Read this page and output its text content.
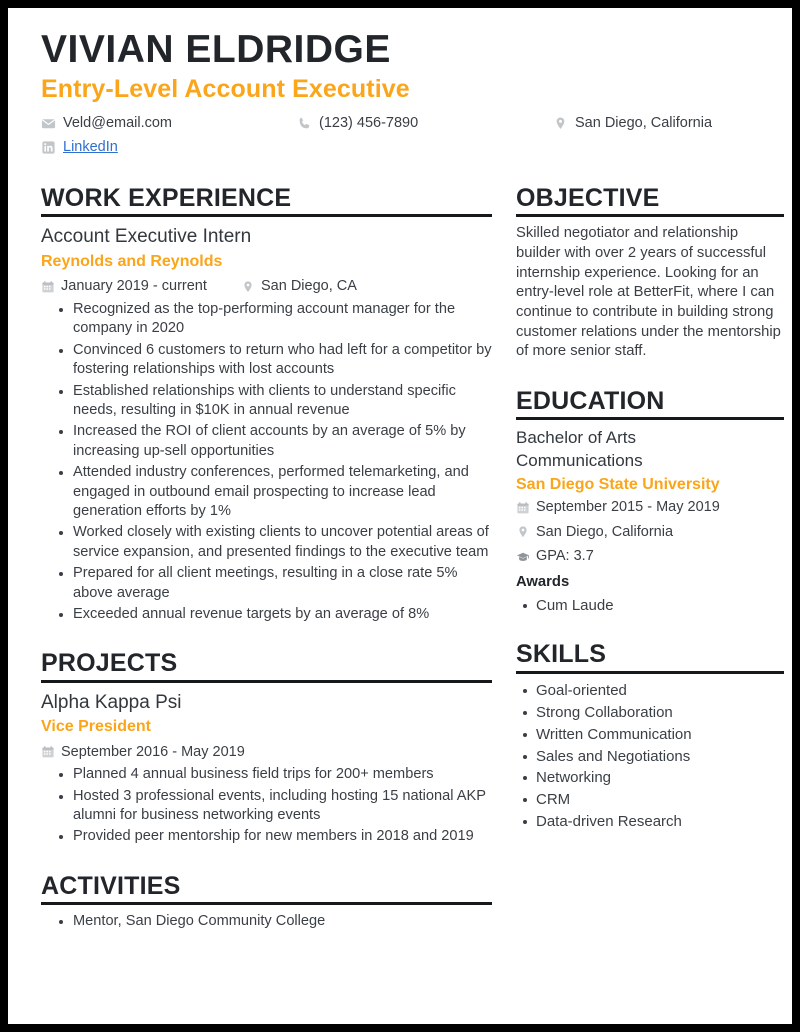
VIVIAN ELDRIDGE
Entry-Level Account Executive
Veld@email.com	(123) 456-7890	San Diego, California
LinkedIn
WORK EXPERIENCE
Account Executive Intern
Reynolds and Reynolds
January 2019 - current	San Diego, CA
Recognized as the top-performing account manager for the company in 2020
Convinced 6 customers to return who had left for a competitor by fostering relationships with lost accounts
Established relationships with clients to understand specific needs, resulting in $10K in annual revenue
Increased the ROI of client accounts by an average of 5% by increasing up-sell opportunities
Attended industry conferences, performed telemarketing, and engaged in outbound email prospecting to increase lead generation efforts by 1%
Worked closely with existing clients to uncover potential areas of service expansion, and presented findings to the executive team
Prepared for all client meetings, resulting in a close rate 5% above average
Exceeded annual revenue targets by an average of 8%
PROJECTS
Alpha Kappa Psi
Vice President
September 2016 - May 2019
Planned 4 annual business field trips for 200+ members
Hosted 3 professional events, including hosting 15 national AKP alumni for business networking events
Provided peer mentorship for new members in 2018 and 2019
ACTIVITIES
Mentor, San Diego Community College
OBJECTIVE

Skilled negotiator and relationship builder with over 2 years of successful internship experience. Looking for an entry-level role at BetterFit, where I can continue to contribute in building strong customer relations under the mentorship of more senior staff.

EDUCATION
Bachelor of Arts
Communications
San Diego State University
September 2015 - May 2019
San Diego, California
GPA: 3.7
Awards
Cum Laude
SKILLS
Goal-oriented
Strong Collaboration
Written Communication
Sales and Negotiations
Networking
CRM
Data-driven Research
